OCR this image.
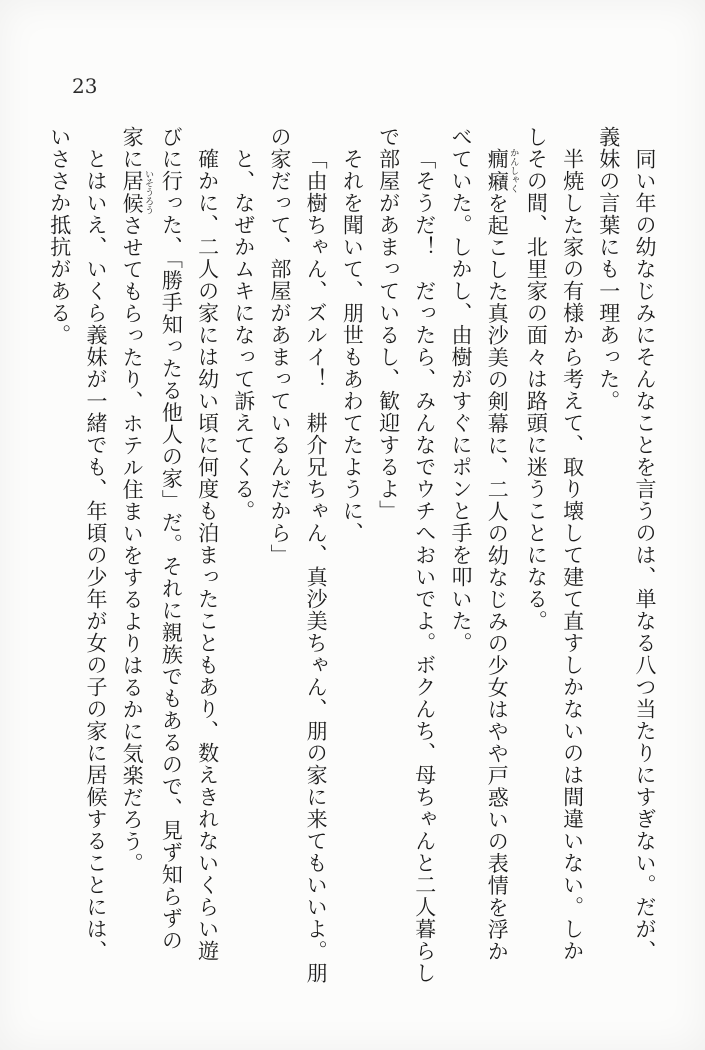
23

同い年の幼なじみにそんなことを言うのは、単なる八つ当たりにすぎない。だが、

義妹の言葉にも一理あった。

半焼した家の有様から考えて、取り壊して建て直すしかないのは間違いない。しか

しその間、北里家の面々は路頭に迷うことになる。

癇癪 かんしゃくを起こした真沙美の剣幕に、二人の幼なじみの少女はやや戸惑いの表情を浮か

べていた。しかし、由樹がすぐにポンと手を叩いた。

「そうだ！　だったら、みんなでウチへおいでよ。ボクんち、母ちゃんと二人暮らし

で部屋があまっているし、歓迎するよ」

それを聞いて、朋世もあわてたように、

「由樹ちゃん、ズルイ！　耕介兄ちゃん、真沙美ちゃん、朋の家に来てもいいよ。朋

の家だって、部屋があまっているんだから」

と、なぜかムキになって訴えてくる。

確かに、二人の家には幼い頃に何度も泊まったこともあり、数えきれないくらい遊

びに行った、「勝手知ったる他人の家」だ。それに親族でもあるので、見ず知らずの

家に居候 いそうろうさせてもらったり、ホテル住まいをするよりはるかに気楽だろう。

とはいえ、いくら義妹が一緒でも、年頃の少年が女の子の家に居候することには、

いささか抵抗がある。
